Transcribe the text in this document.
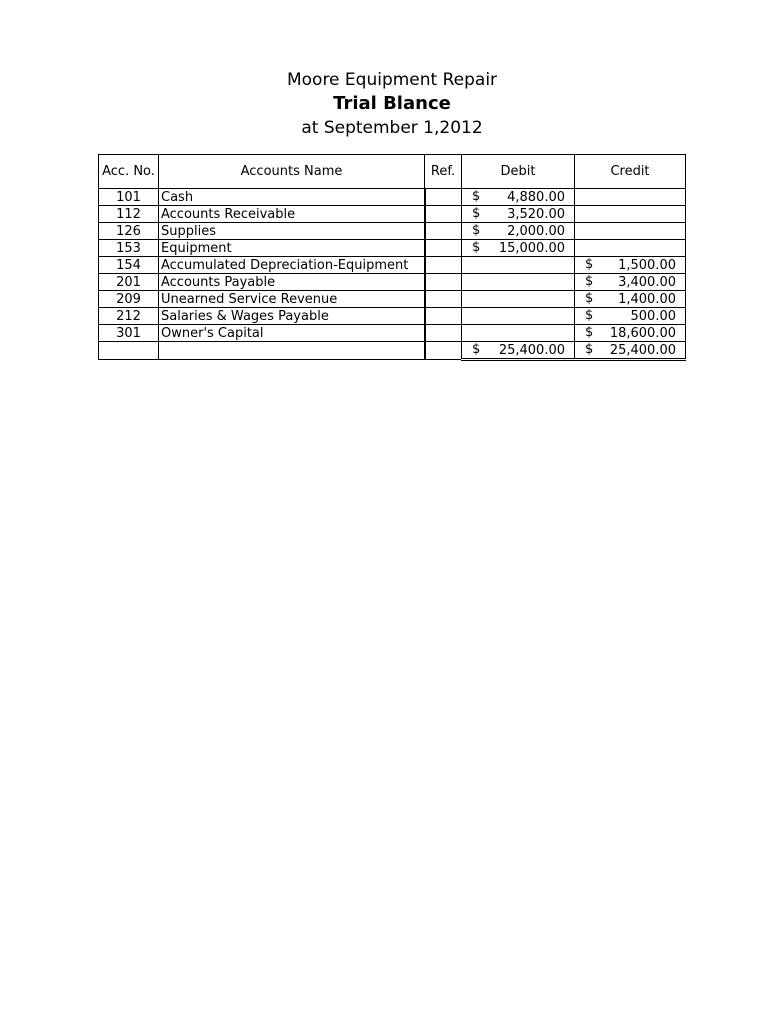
Moore Equipment Repair
Trial Blance
at September 1,2012
Acc. No.	Accounts Name	Ref.	Debit	Credit
101	Cash		$ 4,880.00	

112	Accounts Receivable		$ 3,520.00	

126	Supplies		$ 2,000.00	

153	Equipment		$ 15,000.00	

154	Accumulated Depreciation-Equipment			$ 1,500.00

201	Accounts Payable			$ 3,400.00

209	Unearned Service Revenue			$ 1,400.00

212	Salaries & Wages Payable			$ 500.00

301	Owner's Capital			$ 18,600.00

			$ 25,400.00	$ 25,400.00
